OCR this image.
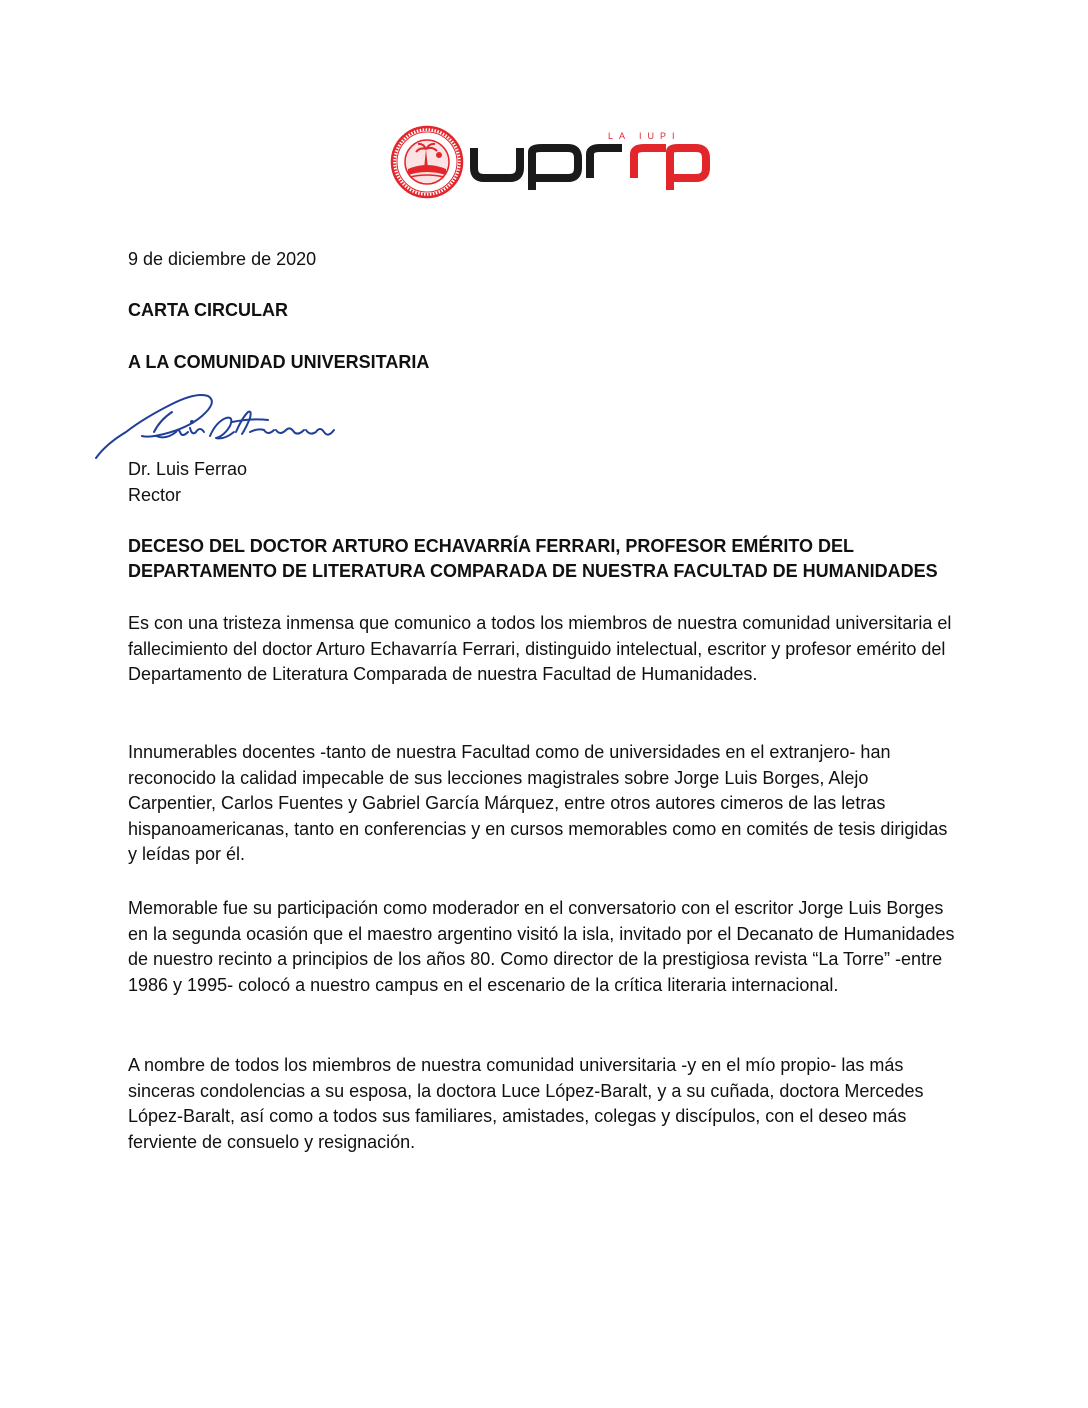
LA IUPI
9 de diciembre de 2020
CARTA CIRCULAR
A LA COMUNIDAD UNIVERSITARIA
Dr. Luis Ferrao
Rector
DECESO DEL DOCTOR ARTURO ECHAVARRÍA FERRARI, PROFESOR EMÉRITO DEL
DEPARTAMENTO DE LITERATURA COMPARADA DE NUESTRA FACULTAD DE HUMANIDADES

Es con una tristeza inmensa que comunico a todos los miembros de nuestra comunidad universitaria el fallecimiento del doctor Arturo Echavarría Ferrari, distinguido intelectual, escritor y profesor emérito del Departamento de Literatura Comparada de nuestra Facultad de Humanidades.

Innumerables docentes -tanto de nuestra Facultad como de universidades en el extranjero- han reconocido la calidad impecable de sus lecciones magistrales sobre Jorge Luis Borges, Alejo Carpentier, Carlos Fuentes y Gabriel García Márquez, entre otros autores cimeros de las letras hispanoamericanas, tanto en conferencias y en cursos memorables como en comités de tesis dirigidas y leídas por él.

Memorable fue su participación como moderador en el conversatorio con el escritor Jorge Luis Borges en la segunda ocasión que el maestro argentino visitó la isla, invitado por el Decanato de Humanidades de nuestro recinto a principios de los años 80. Como director de la prestigiosa revista “La Torre” -entre 1986 y 1995- colocó a nuestro campus en el escenario de la crítica literaria internacional.

A nombre de todos los miembros de nuestra comunidad universitaria -y en el mío propio- las más sinceras condolencias a su esposa, la doctora Luce López-Baralt, y a su cuñada, doctora Mercedes López-Baralt, así como a todos sus familiares, amistades, colegas y discípulos, con el deseo más ferviente de consuelo y resignación.
